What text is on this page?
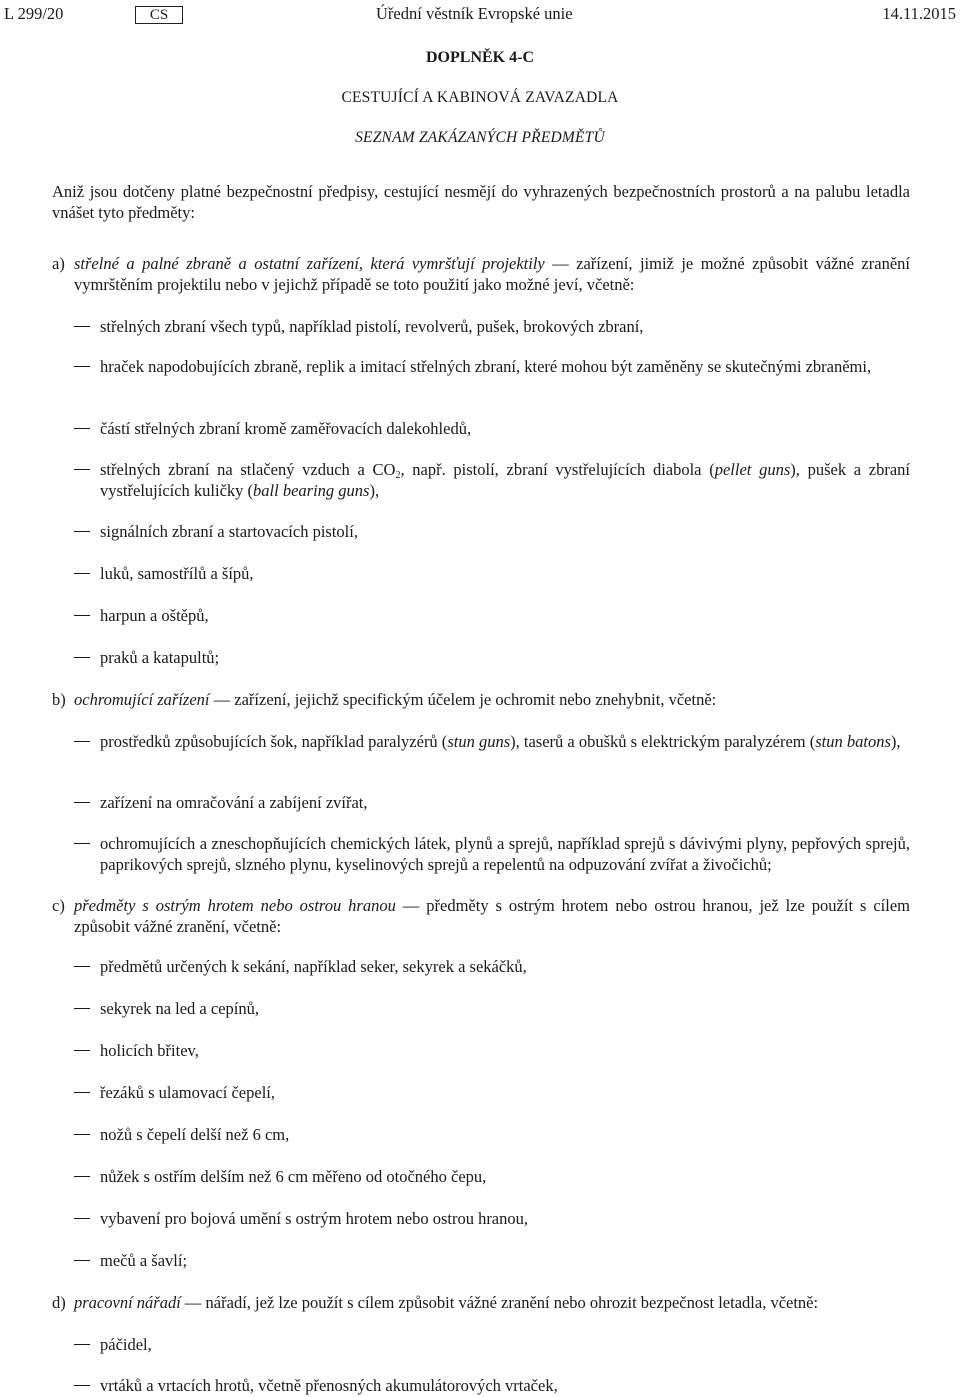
L 299/20	CS	Úřední věstník Evropské unie	14.11.2015
DOPLNĚK 4-C
CESTUJÍCÍ A KABINOVÁ ZAVAZADLA
SEZNAM ZAKÁZANÝCH PŘEDMĚTŮ
Aniž jsou dotčeny platné bezpečnostní předpisy, cestující nesmějí do vyhrazených bezpečnostních prostorů a na palubu letadla vnášet tyto předměty:
a) střelné a palné zbraně a ostatní zařízení, která vymršťují projektily — zařízení, jimiž je možné způsobit vážné zranění vymrštěním projektilu nebo v jejichž případě se toto použití jako možné jeví, včetně:
střelných zbraní všech typů, například pistolí, revolverů, pušek, brokových zbraní,
hraček napodobujících zbraně, replik a imitací střelných zbraní, které mohou být zaměněny se skutečnými zbraněmi,
částí střelných zbraní kromě zaměřovacích dalekohledů,
střelných zbraní na stlačený vzduch a $CO_2$, např. pistolí, zbraní vystřelujících diabola (pellet guns), pušek a zbraní vystřelujících kuličky (ball bearing guns),
signálních zbraní a startovacích pistolí,
luků, samostřílů a šípů,
harpun a oštěpů,
praků a katapultů;
b) ochromující zařízení — zařízení, jejichž specifickým účelem je ochromit nebo znehybnit, včetně:
prostředků způsobujících šok, například paralyzérů (stun guns), taserů a obušků s elektrickým paralyzérem (stun batons),
zařízení na omračování a zabíjení zvířat,
ochromujících a zneschopňujících chemických látek, plynů a sprejů, například sprejů s dávivými plyny, pepřových sprejů, paprikových sprejů, slzného plynu, kyselinových sprejů a repelentů na odpuzování zvířat a živočichů;
c) předměty s ostrým hrotem nebo ostrou hranou — předměty s ostrým hrotem nebo ostrou hranou, jež lze použít s cílem způsobit vážné zranění, včetně:
předmětů určených k sekání, například seker, sekyrek a sekáčků,
sekyrek na led a cepínů,
holicích břitev,
řezáků s ulamovací čepelí,
nožů s čepelí delší než 6 cm,
nůžek s ostřím delším než 6 cm měřeno od otočného čepu,
vybavení pro bojová umění s ostrým hrotem nebo ostrou hranou,
mečů a šavlí;
d) pracovní nářadí — nářadí, jež lze použít s cílem způsobit vážné zranění nebo ohrozit bezpečnost letadla, včetně:
páčidel,
vrtáků a vrtacích hrotů, včetně přenosných akumulátorových vrtaček,
